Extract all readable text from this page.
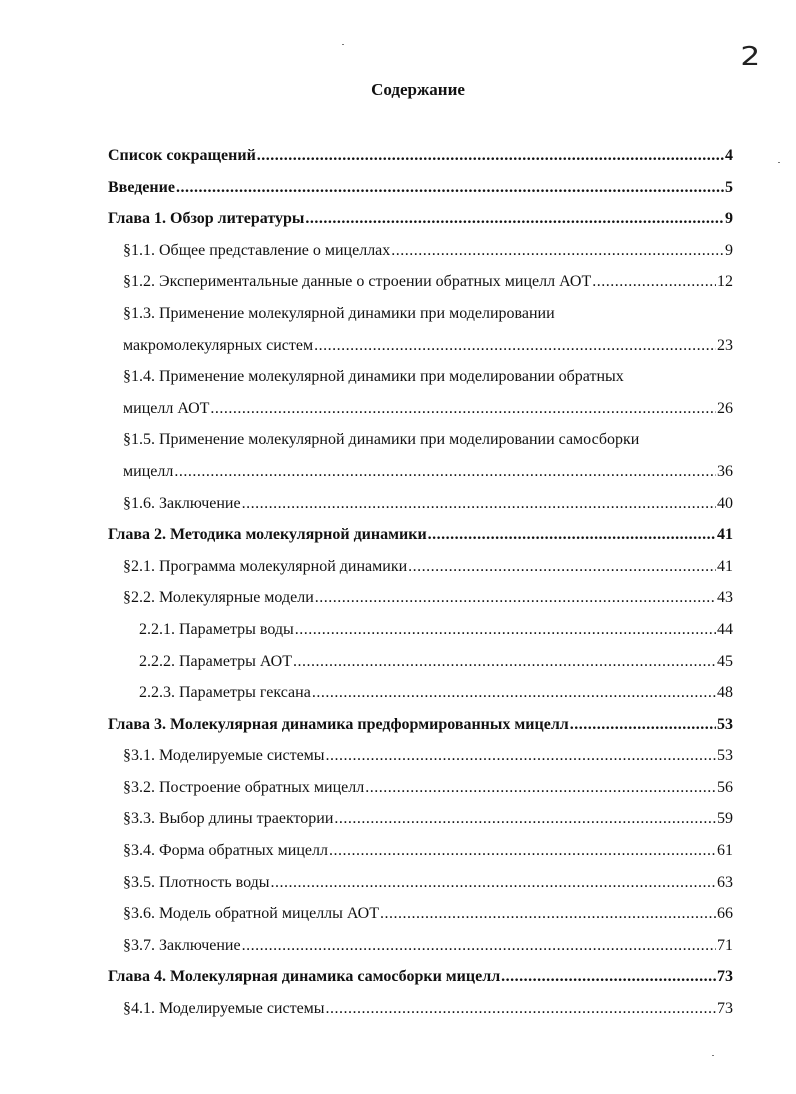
2
Содержание
Список сокращений .....	4
Введение .....	5
Глава 1. Обзор литературы .....	9
§1.1. Общее представление о мицеллах .....	9
§1.2. Экспериментальные данные о строении обратных мицелл АОТ .....	12
§1.3. Применение молекулярной динамики при моделировании
макромолекулярных систем .....	23
§1.4. Применение молекулярной динамики при моделировании обратных
мицелл АОТ .....	26
§1.5. Применение молекулярной динамики при моделировании самосборки
мицелл .....	36
§1.6. Заключение .....	40
Глава 2. Методика молекулярной динамики .....	41
§2.1. Программа молекулярной динамики .....	41
§2.2. Молекулярные модели .....	43
2.2.1. Параметры воды .....	44
2.2.2. Параметры АОТ .....	45
2.2.3. Параметры гексана .....	48
Глава 3. Молекулярная динамика предформированных мицелл .....	53
§3.1. Моделируемые системы .....	53
§3.2. Построение обратных мицелл .....	56
§3.3. Выбор длины траектории .....	59
§3.4. Форма обратных мицелл .....	61
§3.5. Плотность воды .....	63
§3.6. Модель обратной мицеллы АОТ .....	66
§3.7. Заключение .....	71
Глава 4. Молекулярная динамика самосборки мицелл .....	73
§4.1. Моделируемые системы .....	73
